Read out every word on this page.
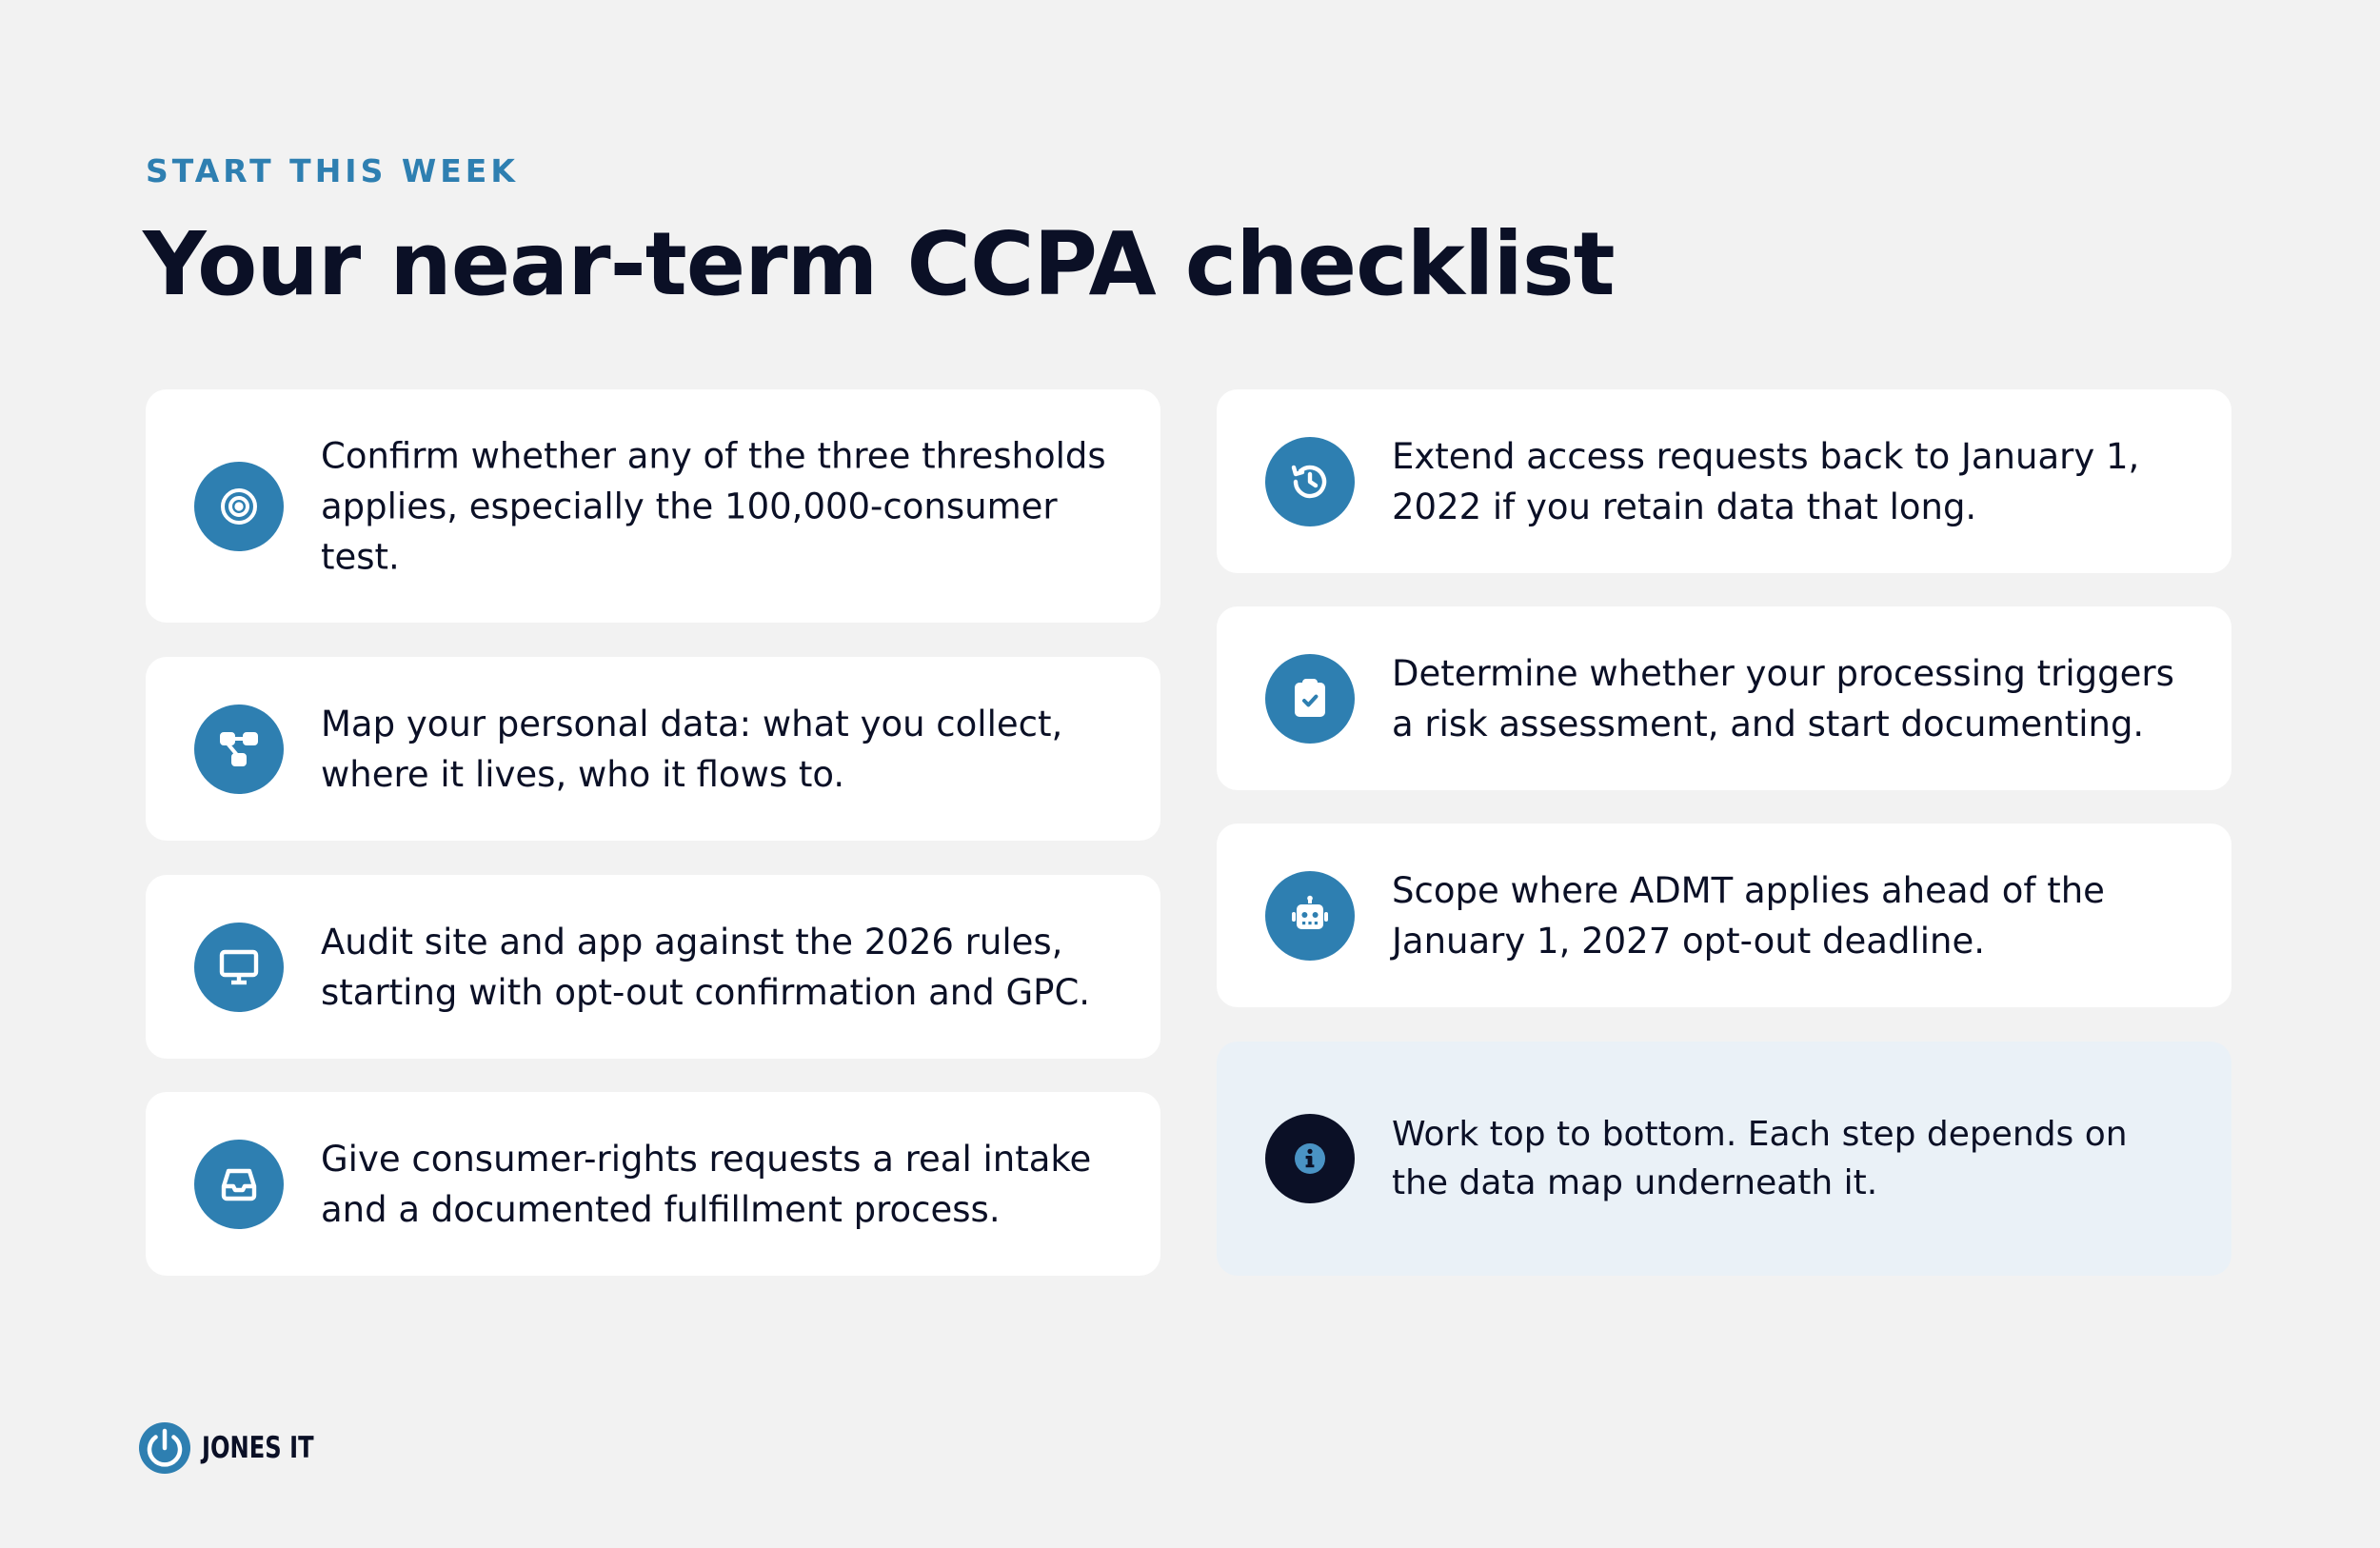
START THIS WEEK
Your near-term CCPA checklist

Confirm whether any of the three thresholds applies, especially the 100,000-consumer test.

Map your personal data: what you collect, where it lives, who it flows to.

Audit site and app against the 2026 rules, starting with opt-out confirmation and GPC.

Give consumer-rights requests a real intake and a documented fulfillment process.

Extend access requests back to January 1, 2022 if you retain data that long.

Determine whether your processing triggers a risk assessment, and start documenting.

Scope where ADMT applies ahead of the January 1, 2027 opt-out deadline.

Work top to bottom. Each step depends on the data map underneath it.

JONES IT
